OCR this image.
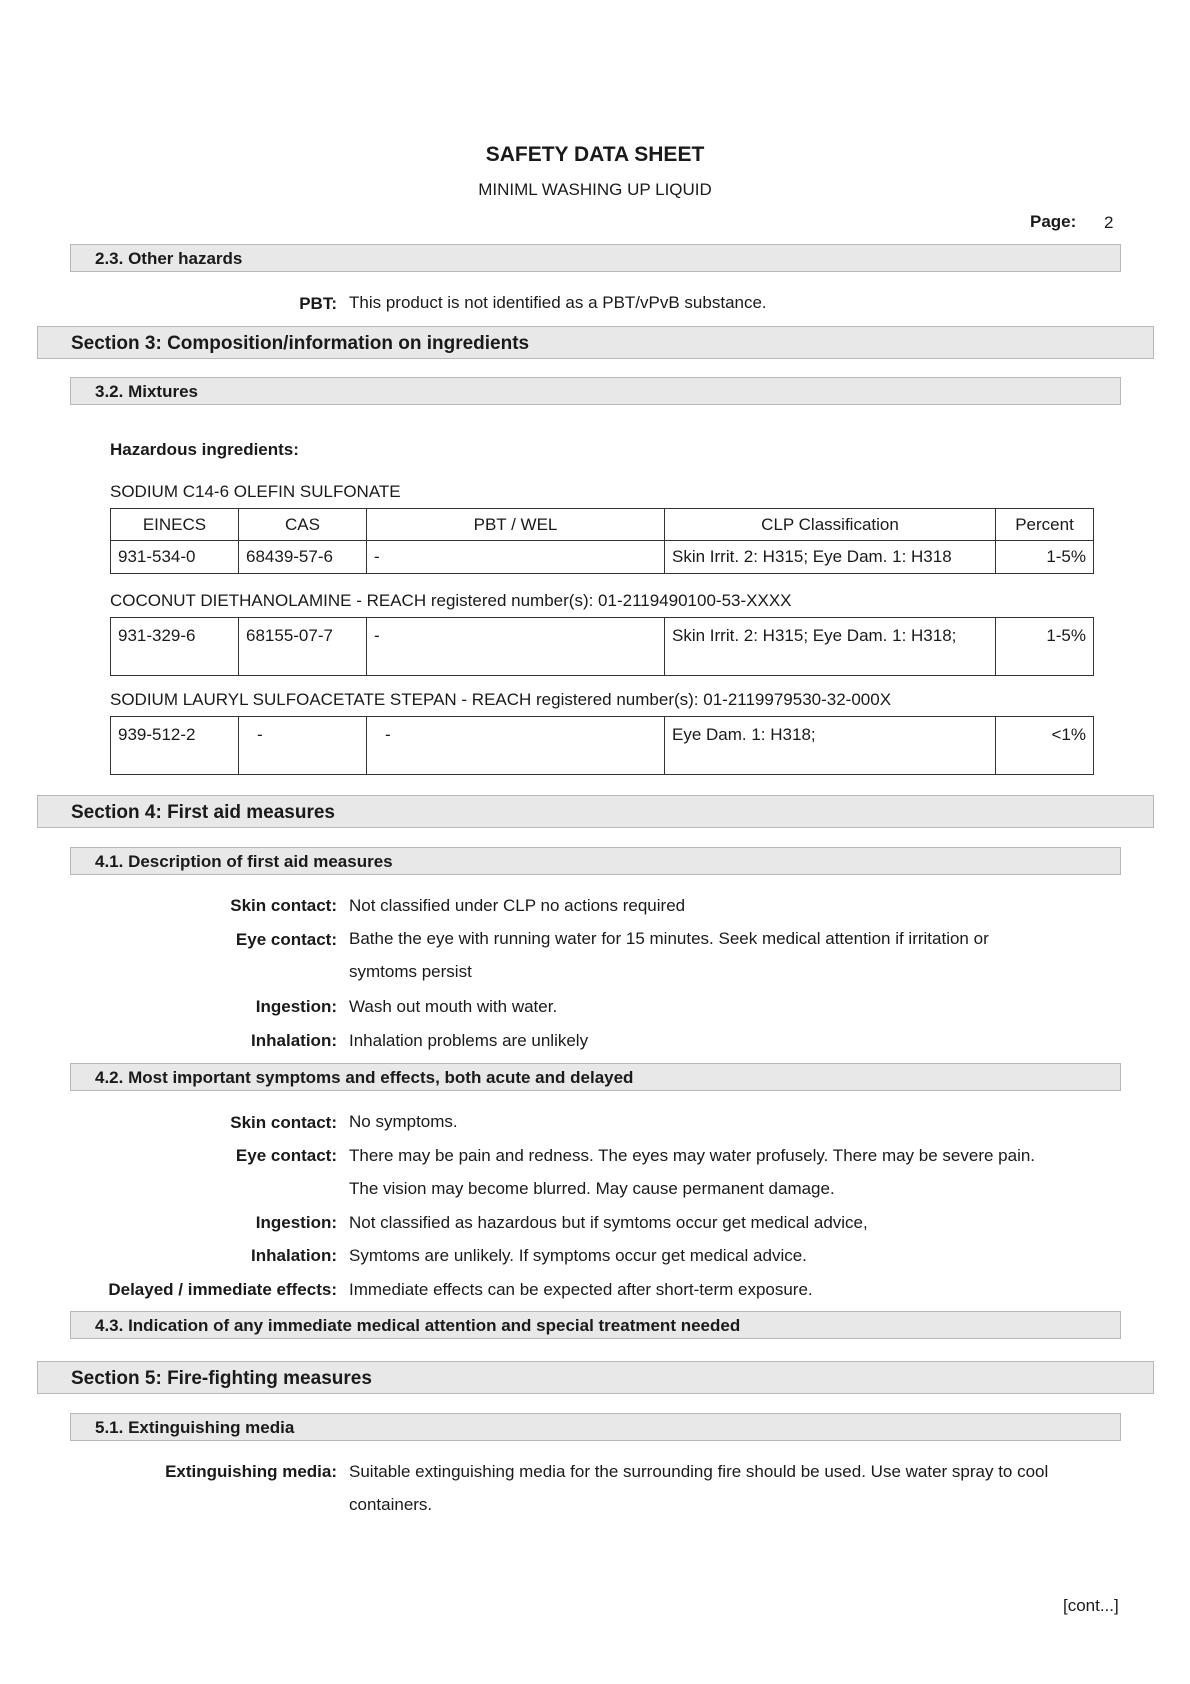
SAFETY DATA SHEET
MINIML WASHING UP LIQUID
Page: 2
2.3. Other hazards
PBT: This product is not identified as a PBT/vPvB substance.
Section 3: Composition/information on ingredients
3.2. Mixtures
Hazardous ingredients:
SODIUM C14-6 OLEFIN SULFONATE
EINECS	CAS	PBT / WEL	CLP Classification	Percent
931-534-0	68439-57-6	-	Skin Irrit. 2: H315; Eye Dam. 1: H318	1-5%
COCONUT DIETHANOLAMINE - REACH registered number(s): 01-2119490100-53-XXXX
931-329-6	68155-07-7	-	Skin Irrit. 2: H315; Eye Dam. 1: H318;	1-5%
SODIUM LAURYL SULFOACETATE STEPAN - REACH registered number(s): 01-2119979530-32-000X
939-512-2	-	-	Eye Dam. 1: H318;	<1%
Section 4: First aid measures
4.1. Description of first aid measures
Skin contact: Not classified under CLP no actions required
Eye contact: Bathe the eye with running water for 15 minutes. Seek medical attention if irritation or symtoms persist
Ingestion: Wash out mouth with water.
Inhalation: Inhalation problems are unlikely
4.2. Most important symptoms and effects, both acute and delayed
Skin contact: No symptoms.
Eye contact: There may be pain and redness. The eyes may water profusely. There may be severe pain. The vision may become blurred. May cause permanent damage.
Ingestion: Not classified as hazardous but if symtoms occur get medical advice,
Inhalation: Symtoms are unlikely. If symptoms occur get medical advice.
Delayed / immediate effects: Immediate effects can be expected after short-term exposure.
4.3. Indication of any immediate medical attention and special treatment needed
Section 5: Fire-fighting measures
5.1. Extinguishing media
Extinguishing media: Suitable extinguishing media for the surrounding fire should be used. Use water spray to cool containers.
[cont...]
